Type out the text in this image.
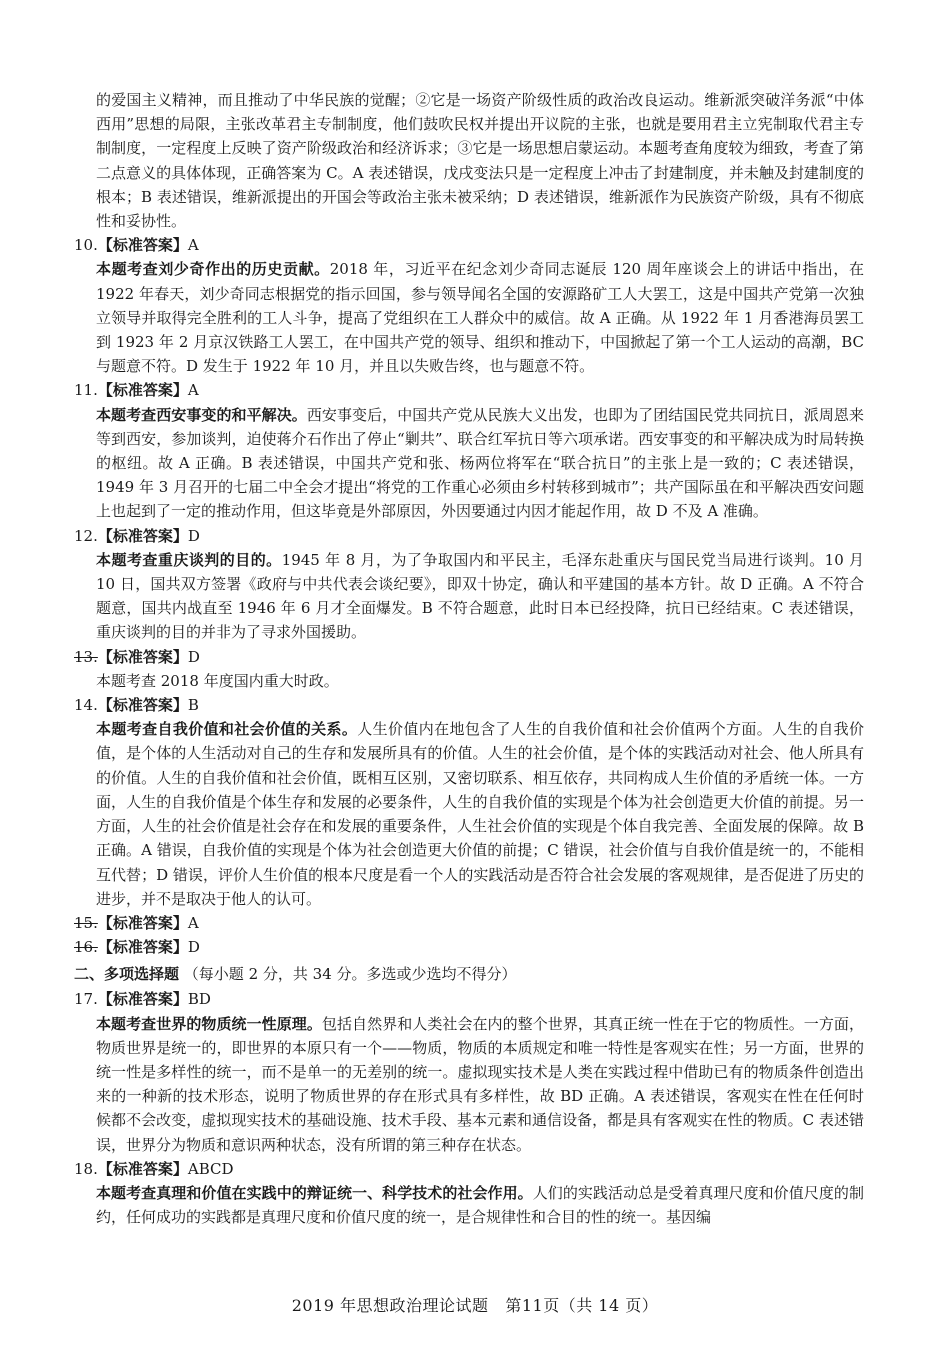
的爱国主义精神，而且推动了中华民族的觉醒；②它是一场资产阶级性质的政治改良运动。维新派突破洋务派“中体西用”思想的局限，主张改革君主专制制度，他们鼓吹民权并提出开议院的主张，也就是要用君主立宪制取代君主专制制度，一定程度上反映了资产阶级政治和经济诉求；③它是一场思想启蒙运动。本题考查角度较为细致，考查了第二点意义的具体体现，正确答案为 C。A 表述错误，戊戌变法只是一定程度上冲击了封建制度，并未触及封建制度的根本；B 表述错误，维新派提出的开国会等政治主张未被采纳；D 表述错误，维新派作为民族资产阶级，具有不彻底性和妥协性。

10.【标准答案】A

本题考查刘少奇作出的历史贡献。2018 年，习近平在纪念刘少奇同志诞辰 120 周年座谈会上的讲话中指出，在 1922 年春天，刘少奇同志根据党的指示回国，参与领导闻名全国的安源路矿工人大罢工，这是中国共产党第一次独立领导并取得完全胜利的工人斗争，提高了党组织在工人群众中的威信。故 A 正确。从 1922 年 1 月香港海员罢工到 1923 年 2 月京汉铁路工人罢工，在中国共产党的领导、组织和推动下，中国掀起了第一个工人运动的高潮，BC 与题意不符。D 发生于 1922 年 10 月，并且以失败告终，也与题意不符。

11.【标准答案】A

本题考查西安事变的和平解决。西安事变后，中国共产党从民族大义出发，也即为了团结国民党共同抗日，派周恩来等到西安，参加谈判，迫使蒋介石作出了停止“剿共”、联合红军抗日等六项承诺。西安事变的和平解决成为时局转换的枢纽。故 A 正确。B 表述错误，中国共产党和张、杨两位将军在“联合抗日”的主张上是一致的；C 表述错误，1949 年 3 月召开的七届二中全会才提出“将党的工作重心必须由乡村转移到城市”；共产国际虽在和平解决西安问题上也起到了一定的推动作用，但这毕竟是外部原因，外因要通过内因才能起作用，故 D 不及 A 准确。

12.【标准答案】D

本题考查重庆谈判的目的。1945 年 8 月，为了争取国内和平民主，毛泽东赴重庆与国民党当局进行谈判。10 月 10 日，国共双方签署《政府与中共代表会谈纪要》，即双十协定，确认和平建国的基本方针。故 D 正确。A 不符合题意，国共内战直至 1946 年 6 月才全面爆发。B 不符合题意，此时日本已经投降，抗日已经结束。C 表述错误，重庆谈判的目的并非为了寻求外国援助。

13.【标准答案】D

本题考查 2018 年度国内重大时政。

14.【标准答案】B

本题考查自我价值和社会价值的关系。人生价值内在地包含了人生的自我价值和社会价值两个方面。人生的自我价值，是个体的人生活动对自己的生存和发展所具有的价值。人生的社会价值，是个体的实践活动对社会、他人所具有的价值。人生的自我价值和社会价值，既相互区别，又密切联系、相互依存，共同构成人生价值的矛盾统一体。一方面，人生的自我价值是个体生存和发展的必要条件，人生的自我价值的实现是个体为社会创造更大价值的前提。另一方面，人生的社会价值是社会存在和发展的重要条件，人生社会价值的实现是个体自我完善、全面发展的保障。故 B 正确。A 错误，自我价值的实现是个体为社会创造更大价值的前提；C 错误，社会价值与自我价值是统一的，不能相互代替；D 错误，评价人生价值的根本尺度是看一个人的实践活动是否符合社会发展的客观规律，是否促进了历史的进步，并不是取决于他人的认可。

15.【标准答案】A
16.【标准答案】D
二、多项选择题 （每小题 2 分，共 34 分。多选或少选均不得分）
17.【标准答案】BD

本题考查世界的物质统一性原理。包括自然界和人类社会在内的整个世界，其真正统一性在于它的物质性。一方面，物质世界是统一的，即世界的本原只有一个——物质，物质的本质规定和唯一特性是客观实在性；另一方面，世界的统一性是多样性的统一，而不是单一的无差别的统一。虚拟现实技术是人类在实践过程中借助已有的物质条件创造出来的一种新的技术形态，说明了物质世界的存在形式具有多样性，故 BD 正确。A 表述错误，客观实在性在任何时候都不会改变，虚拟现实技术的基础设施、技术手段、基本元素和通信设备，都是具有客观实在性的物质。C 表述错误，世界分为物质和意识两种状态，没有所谓的第三种存在状态。

18.【标准答案】ABCD

本题考查真理和价值在实践中的辩证统一、科学技术的社会作用。人们的实践活动总是受着真理尺度和价值尺度的制约，任何成功的实践都是真理尺度和价值尺度的统一，是合规律性和合目的性的统一。基因编

2019 年思想政治理论试题 第11页（共 14 页）
